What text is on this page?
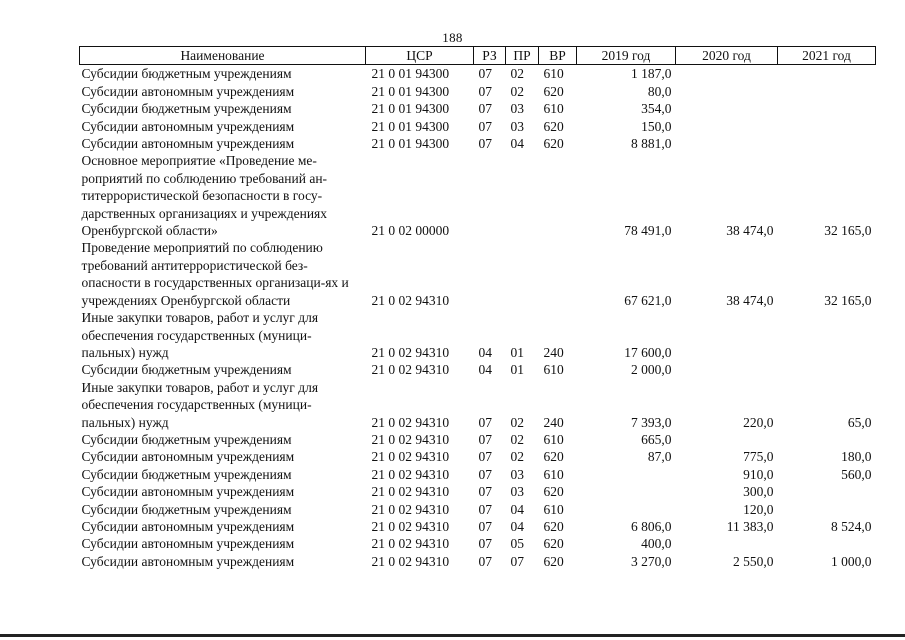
188
Наименование	ЦСР	РЗ	ПР	ВР	2019 год	2020 год	2021 год
Субсидии бюджетным учреждениям	21 0 01 94300	07	02	610	1 187,0		
Субсидии автономным учреждениям	21 0 01 94300	07	02	620	80,0		
Субсидии бюджетным учреждениям	21 0 01 94300	07	03	610	354,0		
Субсидии автономным учреждениям	21 0 01 94300	07	03	620	150,0		
Субсидии автономным учреждениям	21 0 01 94300	07	04	620	8 881,0		
Основное мероприятие «Проведение ме-роприятий по соблюдению требований ан-титеррористической безопасности в госу-дарственных организациях и учреждениях Оренбургской области»	21 0 02 00000				78 491,0	38 474,0	32 165,0
Проведение мероприятий по соблюдению требований антитеррористической без-опасности в государственных организаци-ях и учреждениях Оренбургской области	21 0 02 94310				67 621,0	38 474,0	32 165,0
Иные закупки товаров, работ и услуг для обеспечения государственных (муници-пальных) нужд	21 0 02 94310	04	01	240	17 600,0		
Субсидии бюджетным учреждениям	21 0 02 94310	04	01	610	2 000,0		
Иные закупки товаров, работ и услуг для обеспечения государственных (муници-пальных) нужд	21 0 02 94310	07	02	240	7 393,0	220,0	65,0
Субсидии бюджетным учреждениям	21 0 02 94310	07	02	610	665,0		
Субсидии автономным учреждениям	21 0 02 94310	07	02	620	87,0	775,0	180,0
Субсидии бюджетным учреждениям	21 0 02 94310	07	03	610		910,0	560,0
Субсидии автономным учреждениям	21 0 02 94310	07	03	620		300,0	
Субсидии бюджетным учреждениям	21 0 02 94310	07	04	610		120,0	
Субсидии автономным учреждениям	21 0 02 94310	07	04	620	6 806,0	11 383,0	8 524,0
Субсидии автономным учреждениям	21 0 02 94310	07	05	620	400,0		
Субсидии автономным учреждениям	21 0 02 94310	07	07	620	3 270,0	2 550,0	1 000,0
